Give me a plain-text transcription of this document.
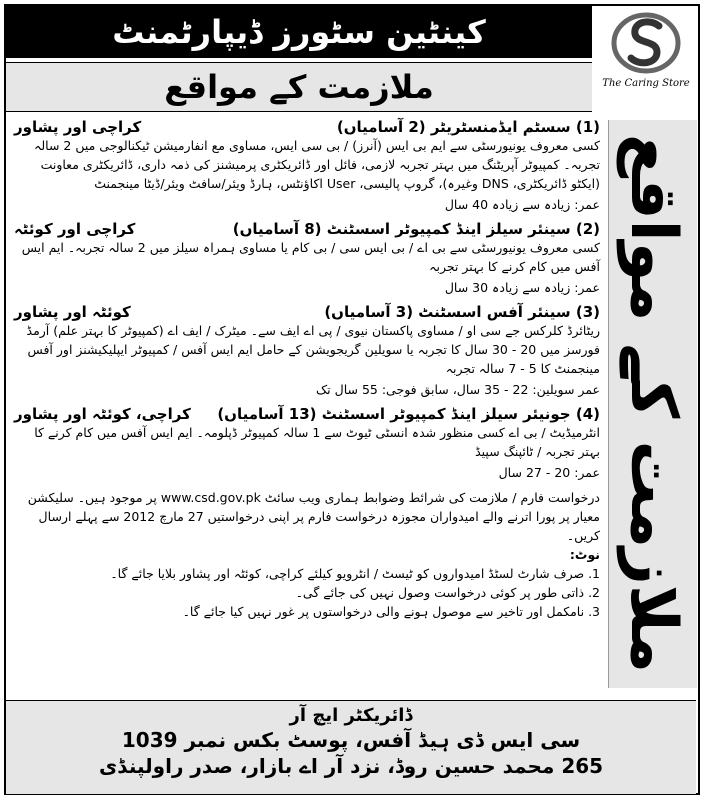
کینٹین سٹورز ڈیپارٹمنٹ
ملازمت کے مواقع	The Caring Store
ملازمت کے مواقع
(1) سسٹم ایڈمنسٹریٹر (2 آسامیاں)
کراچی اور پشاور
کسی معروف یونیورسٹی سے ایم بی ایس (آنرز) / بی سی ایس، مساوی مع انفارمیشن ٹیکنالوجی میں 2 سالہ تجربہ۔ کمپیوٹر آپریٹنگ میں بہتر تجربہ لازمی، فائل اور ڈائریکٹری پرمیشنز کی ذمہ داری، ڈائریکٹری معاونت (ایکٹو ڈائریکٹری، DNS وغیرہ)، گروپ پالیسی، User اکاؤنٹس، ہارڈ ویئر/سافٹ ویئر/ڈیٹا مینجمنٹ
عمر: زیادہ سے زیادہ 40 سال
(2) سینئر سیلز اینڈ کمپیوٹر اسسٹنٹ (8 آسامیاں)
کراچی اور کوئٹہ
کسی معروف یونیورسٹی سے بی اے / بی ایس سی / بی کام یا مساوی ہمراہ سیلز میں 2 سالہ تجربہ۔ ایم ایس آفس میں کام کرنے کا بہتر تجربہ
عمر: زیادہ سے زیادہ 30 سال
(3) سینئر آفس اسسٹنٹ (3 آسامیاں)
کوئٹہ اور پشاور
ریٹائرڈ کلرکس جے سی او / مساوی پاکستان نیوی / پی اے ایف سے۔ میٹرک / ایف اے (کمپیوٹر کا بہتر علم) آرمڈ فورسز میں 20 - 30 سال کا تجربہ یا سویلین گریجویشن کے حامل ایم ایس آفس / کمپیوٹر ایپلیکیشنز اور آفس مینجمنٹ کا 5 - 7 سالہ تجربہ
عمر سویلین: 22 - 35 سال، سابق فوجی: 55 سال تک
(4) جونیئر سیلز اینڈ کمپیوٹر اسسٹنٹ (13 آسامیاں)
کراچی، کوئٹہ اور پشاور
انٹرمیڈیٹ / بی اے کسی منظور شدہ انسٹی ٹیوٹ سے 1 سالہ کمپیوٹر ڈپلومہ۔ ایم ایس آفس میں کام کرنے کا بہتر تجربہ / ٹائپنگ سپیڈ
عمر: 20 - 27 سال
درخواست فارم / ملازمت کی شرائط وضوابط ہماری ویب سائٹ www.csd.gov.pk پر موجود ہیں۔ سلیکشن معیار پر پورا اترنے والے امیدواران مجوزہ درخواست فارم پر اپنی درخواستیں 27 مارچ 2012 سے پہلے ارسال کریں۔
نوٹ:
1. صرف شارٹ لسٹڈ امیدواروں کو ٹیسٹ / انٹرویو کیلئے کراچی، کوئٹہ اور پشاور بلایا جائے گا۔
2. ذاتی طور پر کوئی درخواست وصول نہیں کی جائے گی۔
3. نامکمل اور تاخیر سے موصول ہونے والی درخواستوں پر غور نہیں کیا جائے گا۔
ڈائریکٹر ایچ آر
سی ایس ڈی ہیڈ آفس، پوسٹ بکس نمبر 1039
265 محمد حسین روڈ، نزد آر اے بازار، صدر راولپنڈی
